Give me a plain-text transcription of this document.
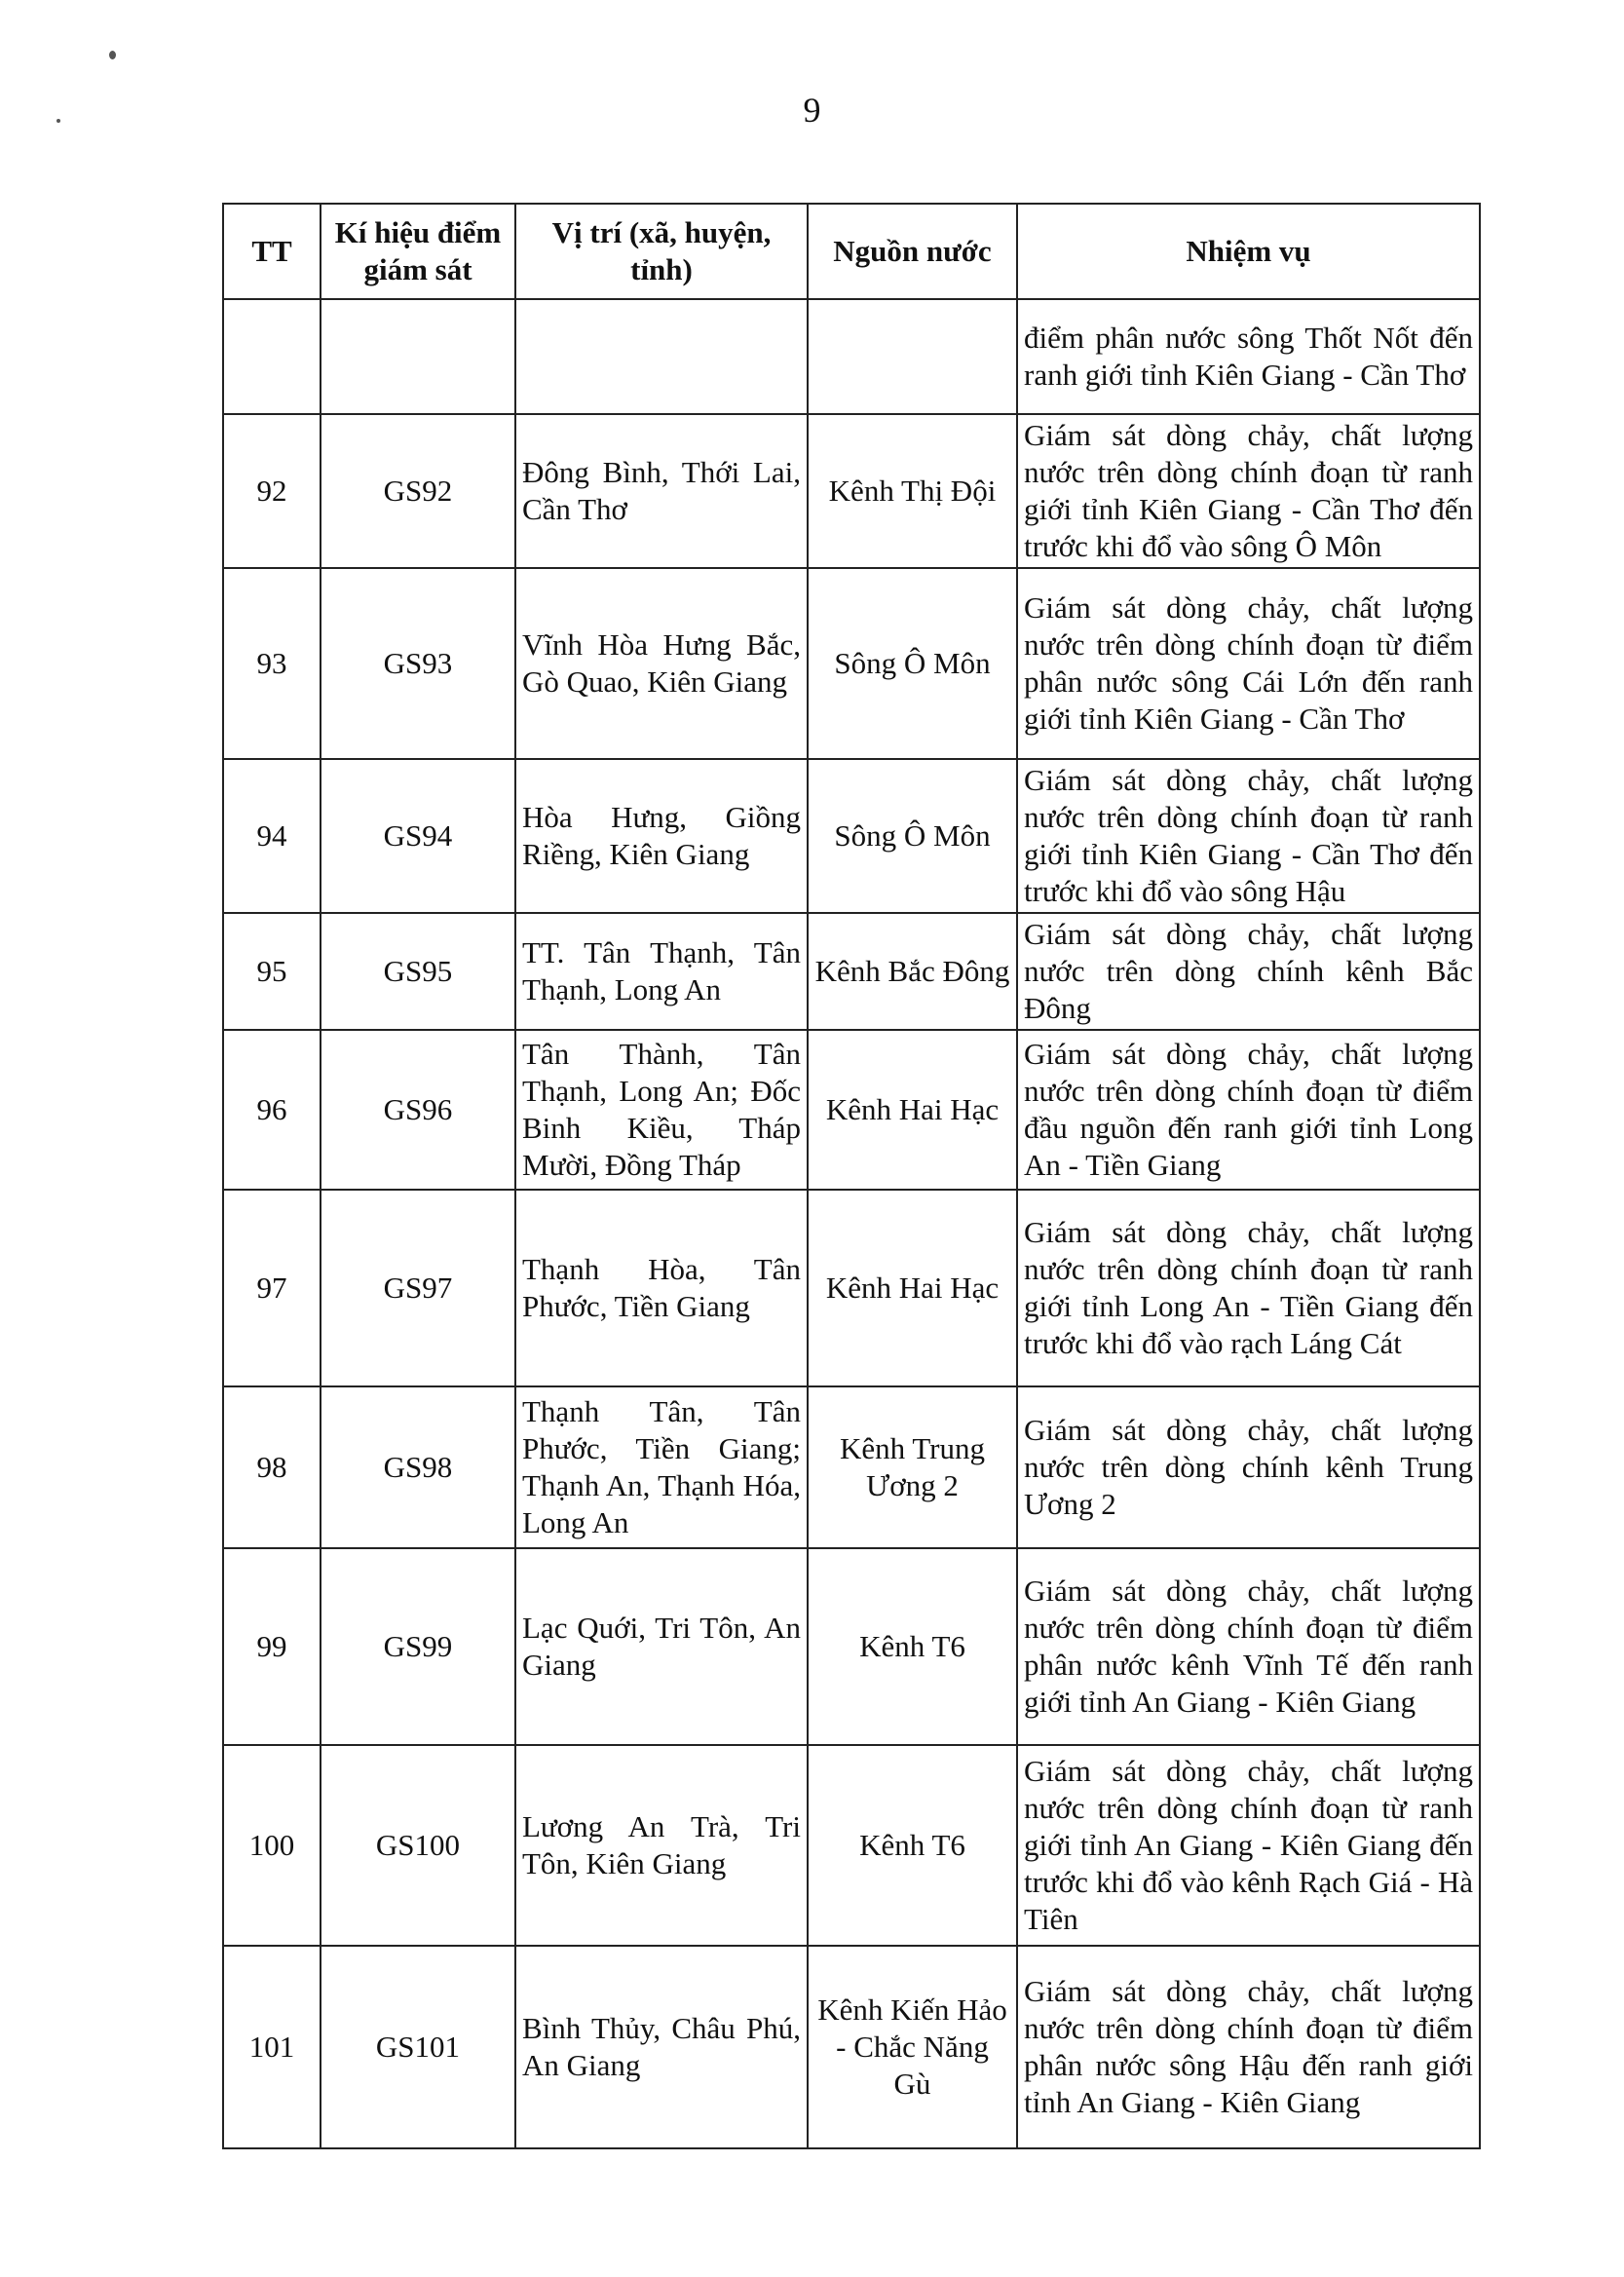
9
TT	Kí hiệu điểm giám sát	Vị trí (xã, huyện, tỉnh)	Nguồn nước	Nhiệm vụ
				điểm phân nước sông Thốt Nốt đến ranh giới tỉnh Kiên Giang - Cần Thơ
92	GS92	Đông Bình, Thới Lai, Cần Thơ	Kênh Thị Đội	Giám sát dòng chảy, chất lượng nước trên dòng chính đoạn từ ranh giới tỉnh Kiên Giang - Cần Thơ đến trước khi đổ vào sông Ô Môn
93	GS93	Vĩnh Hòa Hưng Bắc, Gò Quao, Kiên Giang	Sông Ô Môn	Giám sát dòng chảy, chất lượng nước trên dòng chính đoạn từ điểm phân nước sông Cái Lớn đến ranh giới tỉnh Kiên Giang - Cần Thơ
94	GS94	Hòa Hưng, Giồng Riềng, Kiên Giang	Sông Ô Môn	Giám sát dòng chảy, chất lượng nước trên dòng chính đoạn từ ranh giới tỉnh Kiên Giang - Cần Thơ đến trước khi đổ vào sông Hậu
95	GS95	TT. Tân Thạnh, Tân Thạnh, Long An	Kênh Bắc Đông	Giám sát dòng chảy, chất lượng nước trên dòng chính kênh Bắc Đông
96	GS96	Tân Thành, Tân Thạnh, Long An; Đốc Binh Kiều, Tháp Mười, Đồng Tháp	Kênh Hai Hạc	Giám sát dòng chảy, chất lượng nước trên dòng chính đoạn từ điểm đầu nguồn đến ranh giới tỉnh Long An - Tiền Giang
97	GS97	Thạnh Hòa, Tân Phước, Tiền Giang	Kênh Hai Hạc	Giám sát dòng chảy, chất lượng nước trên dòng chính đoạn từ ranh giới tỉnh Long An - Tiền Giang đến trước khi đổ vào rạch Láng Cát
98	GS98	Thạnh Tân, Tân Phước, Tiền Giang; Thạnh An, Thạnh Hóa, Long An	Kênh Trung Ương 2	Giám sát dòng chảy, chất lượng nước trên dòng chính kênh Trung Ương 2
99	GS99	Lạc Quới, Tri Tôn, An Giang	Kênh T6	Giám sát dòng chảy, chất lượng nước trên dòng chính đoạn từ điểm phân nước kênh Vĩnh Tế đến ranh giới tỉnh An Giang - Kiên Giang
100	GS100	Lương An Trà, Tri Tôn, Kiên Giang	Kênh T6	Giám sát dòng chảy, chất lượng nước trên dòng chính đoạn từ ranh giới tỉnh An Giang - Kiên Giang đến trước khi đổ vào kênh Rạch Giá - Hà Tiên
101	GS101	Bình Thủy, Châu Phú, An Giang	Kênh Kiến Hảo - Chắc Năng Gù	Giám sát dòng chảy, chất lượng nước trên dòng chính đoạn từ điểm phân nước sông Hậu đến ranh giới tỉnh An Giang - Kiên Giang
